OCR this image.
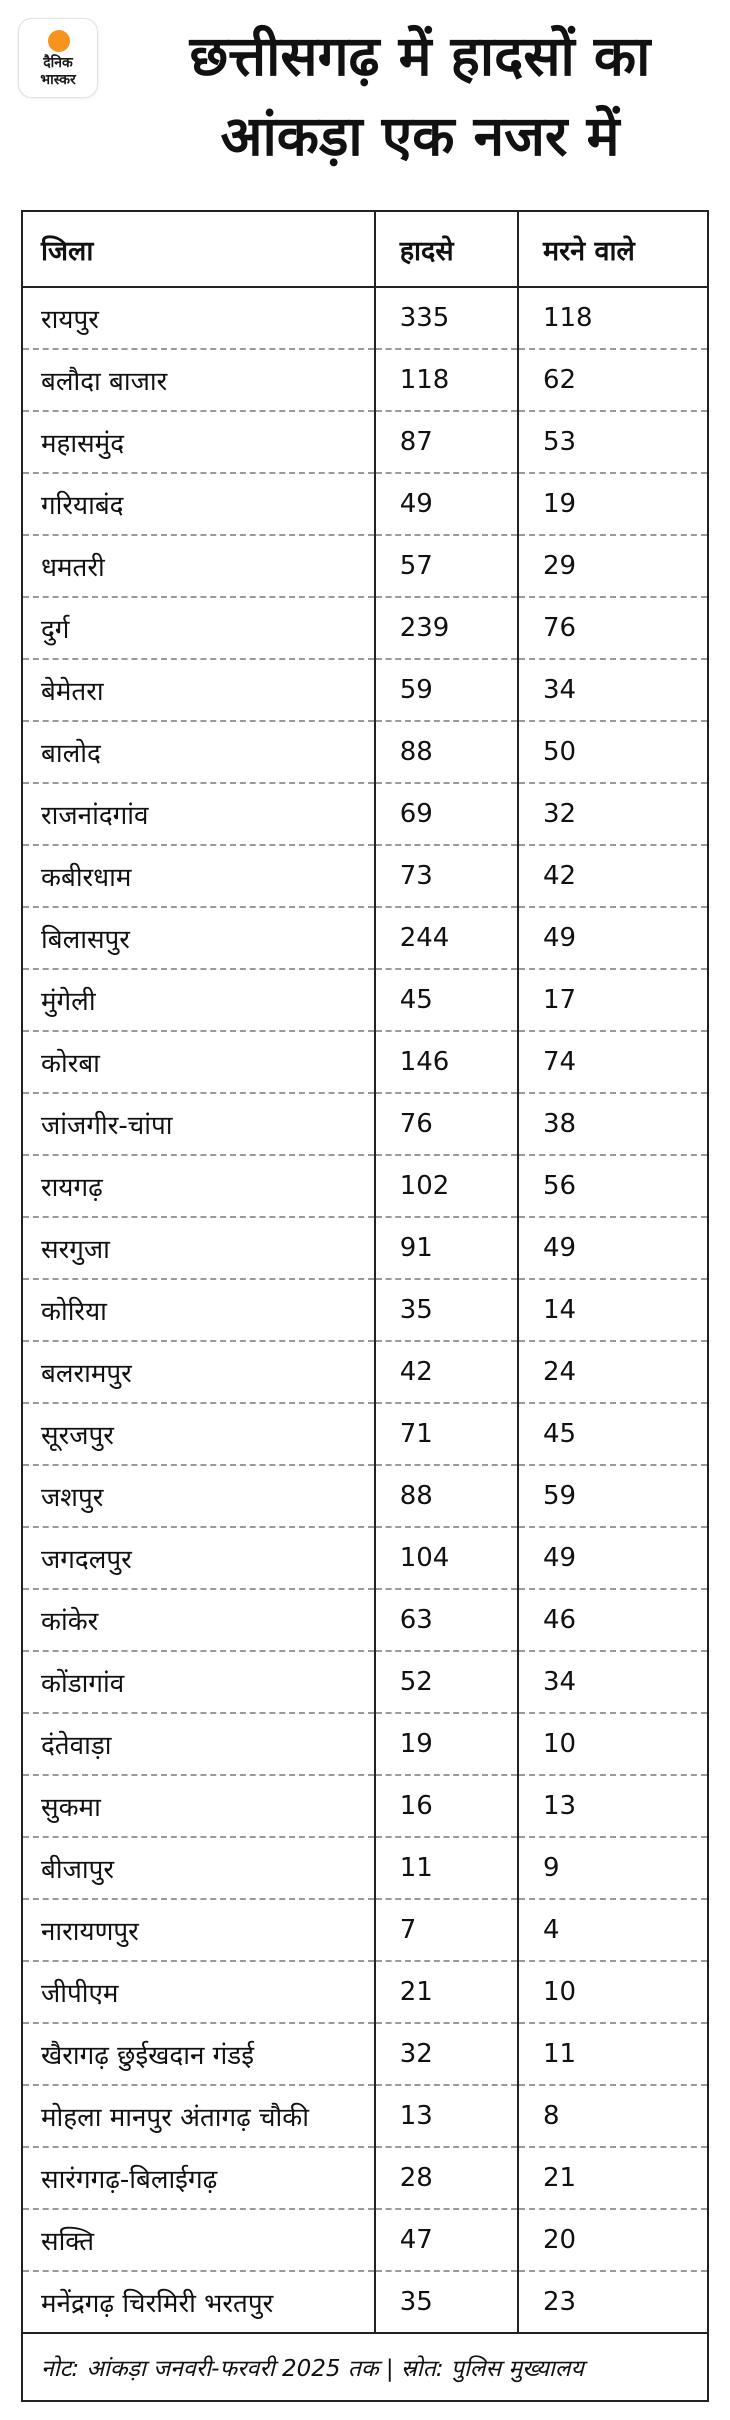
दैनिक
भास्कर	छत्तीसगढ़ में हादसों का
आंकड़ा एक नजर में
जिला	हादसे	मरने वाले
रायपुर	335	118
बलौदा बाजार	118	62
महासमुंद	87	53
गरियाबंद	49	19
धमतरी	57	29
दुर्ग	239	76
बेमेतरा	59	34
बालोद	88	50
राजनांदगांव	69	32
कबीरधाम	73	42
बिलासपुर	244	49
मुंगेली	45	17
कोरबा	146	74
जांजगीर-चांपा	76	38
रायगढ़	102	56
सरगुजा	91	49
कोरिया	35	14
बलरामपुर	42	24
सूरजपुर	71	45
जशपुर	88	59
जगदलपुर	104	49
कांकेर	63	46
कोंडागांव	52	34
दंतेवाड़ा	19	10
सुकमा	16	13
बीजापुर	11	9
नारायणपुर	7	4
जीपीएम	21	10
खैरागढ़ छुईखदान गंडई	32	11
मोहला मानपुर अंतागढ़ चौकी	13	8
सारंगगढ़-बिलाईगढ़	28	21
सक्ति	47	20
मनेंद्रगढ़ चिरमिरी भरतपुर	35	23
नोट: आंकड़ा जनवरी-फरवरी 2025 तक | स्रोत: पुलिस मुख्यालय		
